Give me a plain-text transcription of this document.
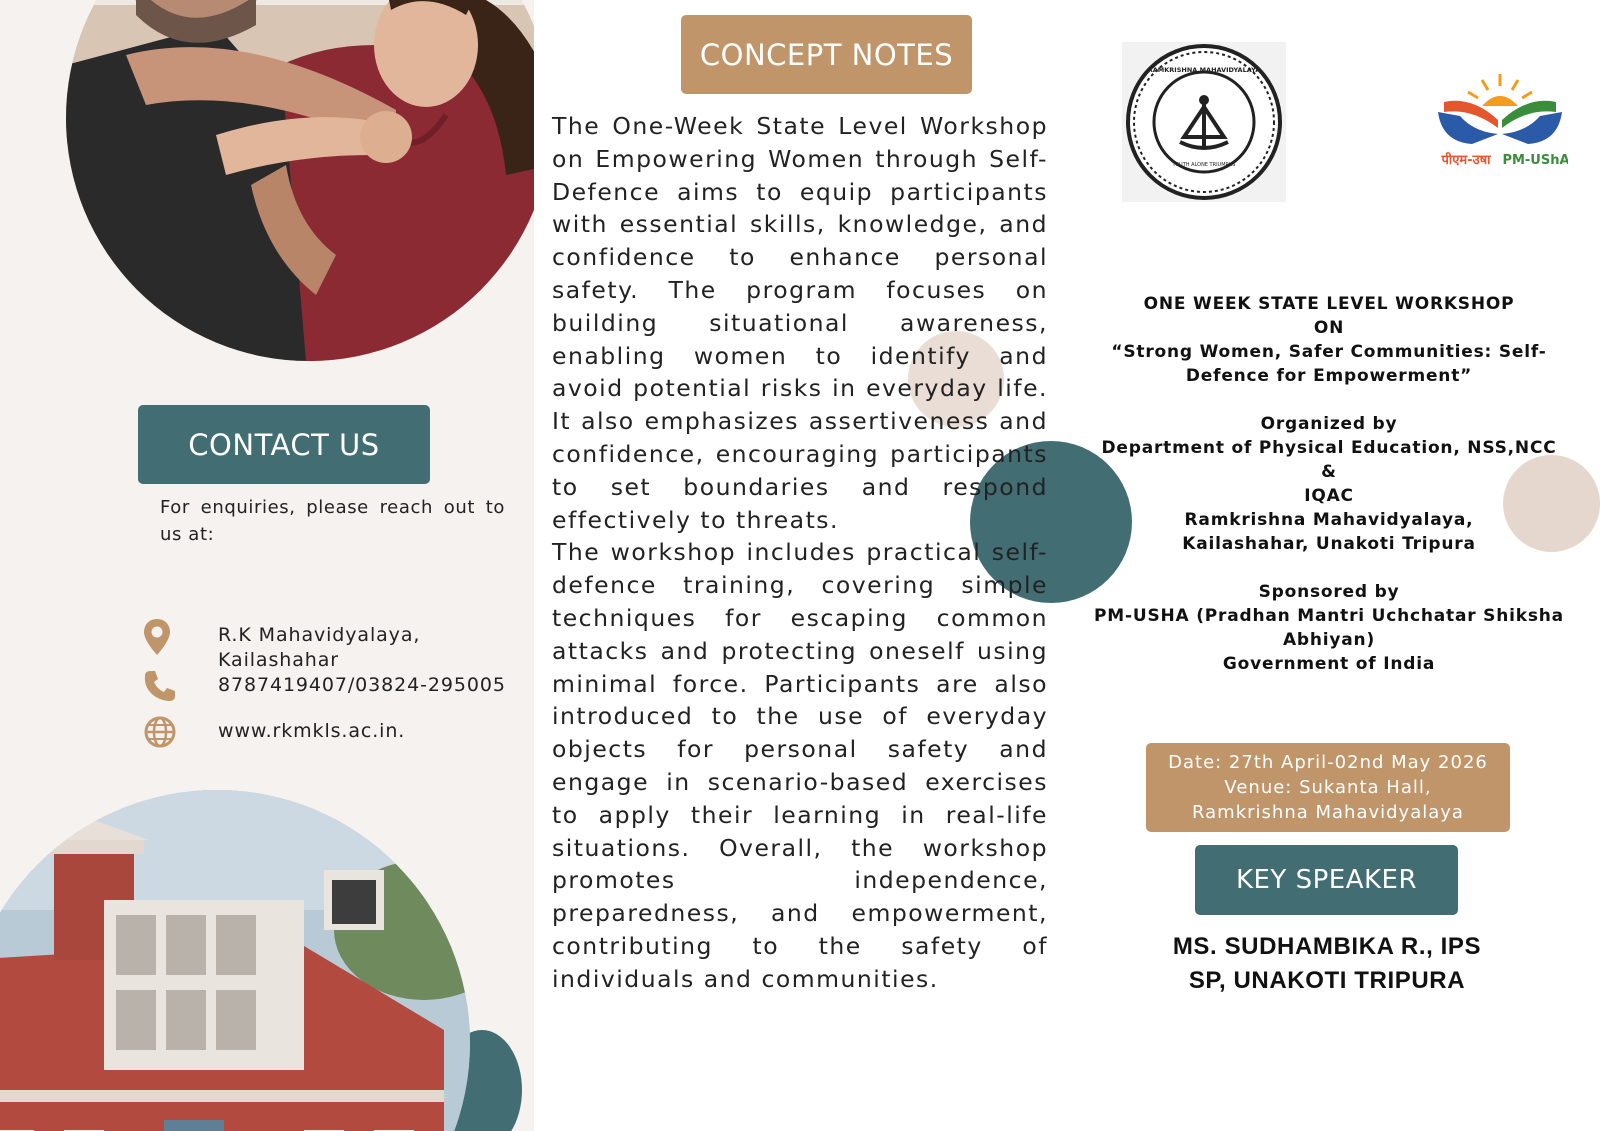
CONTACT US
For enquiries, please reach out to us at:
R.K Mahavidyalaya,
Kailashahar
8787419407/03824-295005
www.rkmkls.ac.in.
CONCEPT NOTES
The One-Week State Level Workshop on Empowering Women through Self-Defence aims to equip participants with essential skills, knowledge, and confidence to enhance personal safety. The program focuses on building situational awareness, enabling women to identify and avoid potential risks in everyday life. It also emphasizes assertiveness and confidence, encouraging participants to set boundaries and respond effectively to threats.
The workshop includes practical self-defence training, covering simple techniques for escaping common attacks and protecting oneself using minimal force. Participants are also introduced to the use of everyday objects for personal safety and engage in scenario-based exercises to apply their learning in real-life situations. Overall, the workshop promotes independence, preparedness, and empowerment, contributing to the safety of individuals and communities.
RAMKRISHNA MAHAVIDYALAYA
TRUTH ALONE TRIUMPHS	पीएम-उषा PM-UShA

ONE WEEK STATE LEVEL WORKSHOP

ON

“Strong Women, Safer Communities: Self-

Defence for Empowerment”

Organized by

Department of Physical Education, NSS,NCC

&

IQAC

Ramkrishna Mahavidyalaya,

Kailashahar, Unakoti Tripura

Sponsored by

PM-USHA (Pradhan Mantri Uchchatar Shiksha

Abhiyan)

Government of India

Date: 27th April-02nd May 2026
Venue: Sukanta Hall,
Ramkrishna Mahavidyalaya
KEY SPEAKER
MS. SUDHAMBIKA R., IPS
SP, UNAKOTI TRIPURA
